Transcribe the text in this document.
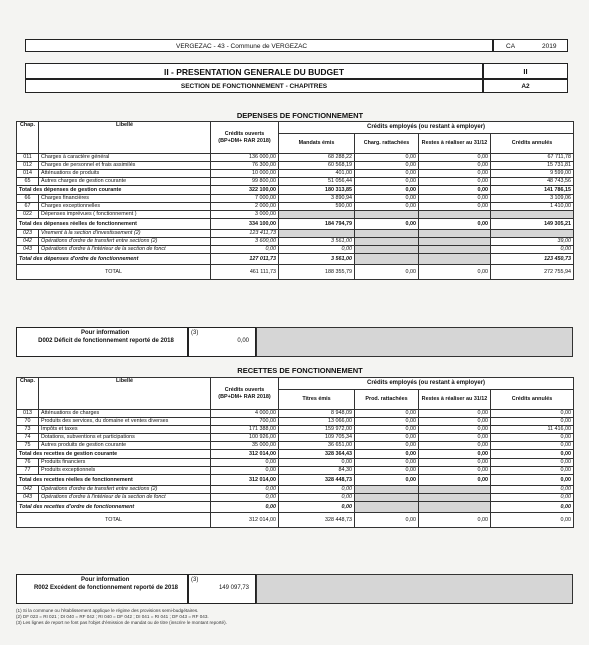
VERGEZAC - 43 - Commune de VERGEZAC	CA	2019
II - PRESENTATION GENERALE DU BUDGET	II
SECTION DE FONCTIONNEMENT - CHAPITRES	A2
DEPENSES DE FONCTIONNEMENT
Chap.	Libellé	Crédits ouverts (BP+DM+ RAR 2018)	Crédits employés (ou restant à employer)			
			Mandats émis	Charg. rattachées	Restes à réaliser au 31/12	Crédits annulés
011	Charges à caractère général	136 000,00	68 288,22	0,00	0,00	67 711,78
012	Charges de personnel et frais assimilés	76 300,00	60 568,19	0,00	0,00	15 731,81
014	Atténuations de produits	10 000,00	401,00	0,00	0,00	9 599,00
65	Autres charges de gestion courante	99 800,00	51 056,44	0,00	0,00	48 743,56
Total des dépenses de gestion courante		322 100,00	180 313,85	0,00	0,00	141 786,15
66	Charges financières	7 000,00	3 890,94	0,00	0,00	3 109,06
67	Charges exceptionnelles	2 000,00	590,00	0,00	0,00	1 410,00
022	Dépenses imprévues ( fonctionnement )	3 000,00				
Total des dépenses réelles de fonctionnement		334 100,00	184 794,79	0,00	0,00	149 305,21
023	Virement à la section d'investissement (2)	123 411,73				
042	Opérations d'ordre de transfert entre sections (2)	3 600,00	3 561,00			39,00
043	Opérations d'ordre à l'intérieur de la section de fonct	0,00	0,00			0,00
Total des dépenses d'ordre de fonctionnement		127 011,73	3 561,00			123 450,73
TOTAL		461 111,73	188 355,79	0,00	0,00	272 755,94
Pour information
D002 Déficit de fonctionnement reporté de 2018
(3)
0,00
RECETTES DE FONCTIONNEMENT
Chap.	Libellé	Crédits ouverts (BP+DM+ RAR 2018)	Crédits employés (ou restant à employer)			
			Titres émis	Prod. rattachées	Restes à réaliser au 31/12	Crédits annulés
013	Atténuations de charges	4 000,00	8 948,09	0,00	0,00	0,00
70	Produits des services, du domaine et ventes diverses	700,00	13 066,00	0,00	0,00	0,00
73	Impôts et taxes	171 388,00	159 972,00	0,00	0,00	11 416,00
74	Dotations, subventions et participations	100 926,00	109 705,34	0,00	0,00	0,00
75	Autres produits de gestion courante	35 000,00	36 651,00	0,00	0,00	0,00
Total des recettes de gestion courante		312 014,00	328 364,43	0,00	0,00	0,00
76	Produits financiers	0,00	0,00	0,00	0,00	0,00
77	Produits exceptionnels	0,00	84,30	0,00	0,00	0,00
Total des recettes réelles de fonctionnement		312 014,00	328 448,73	0,00	0,00	0,00
042	Opérations d'ordre de transfert entre sections (2)	0,00	0,00			0,00
043	Opérations d'ordre à l'intérieur de la section de fonct	0,00	0,00			0,00
Total des recettes d'ordre de fonctionnement		0,00	0,00			0,00
TOTAL		312 014,00	328 448,73	0,00	0,00	0,00
Pour information
R002 Excédent de fonctionnement reporté de 2018
(3)
149 097,73
(1) Si la commune ou l'établissement applique le régime des provisions semi-budgétaires.
(2) DF 023 = RI 021 ; DI 040 = RF 042 ; RI 040 = DF 042 ; DI 041 = RI 041 ; DF 043 = RF 043.
(3) Les lignes de report ne font pas l'objet d'émission de mandat ou de titre (inscrire le montant reporté).
